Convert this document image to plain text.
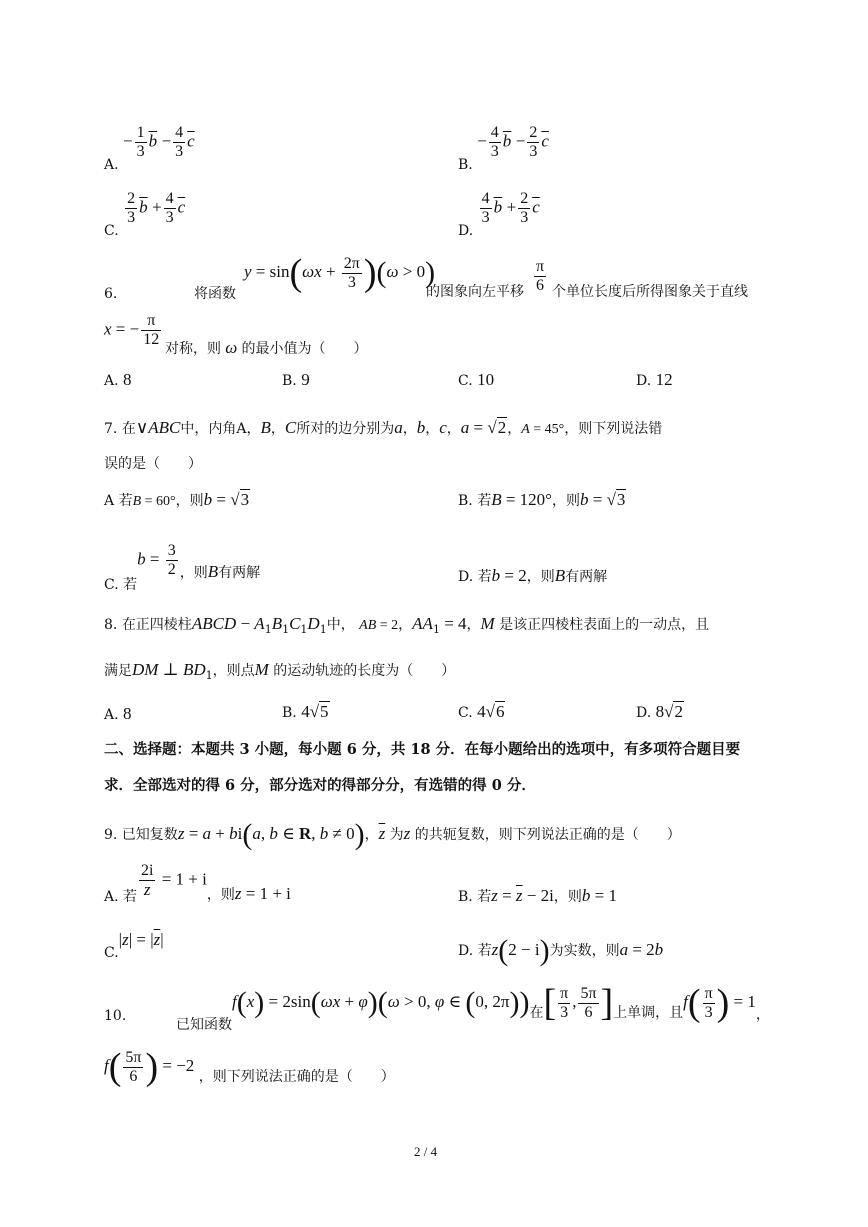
A. − $\frac{1}{3} \overline{b} - \frac{4}{3} \overline{c}$
B. − $\frac{4}{3} \overline{b} - \frac{2}{3} \overline{c}$
C.
$\frac{2}{3} \overline{b} + \frac{4}{3} \overline{c}$
D.
$\frac{4}{3} \overline{b} + \frac{2}{3} \overline{c}$
6.	将函数
$y = \sin(\omega x + \frac{2\pi}{3} )(\omega > 0)$
的图象向左平移 $\frac{\pi}{6}$ 个单位长度后所得图象关于直线
x = − $\frac{\pi}{12}$ 对称，则 ω 的最小值为（　　）
A. 8	B. 9	C. 10	D. 12
7. 在∨ABC中，内角A，B，C所对的边分别为a，b，c，a = √2，A = 45°，则下列说法错
误的是（　　）
A 若B = 60°，则b = √3	B. 若B = 120°，则b = √3
C. 若$b = \frac{3}{2}$ ，则B有两解	D. 若b = 2，则B有两解
8. 在正四棱柱ABCD − $A_1B_1C_1D_1$中， AB = 2，$AA_1 = 4$，M 是该正四棱柱表面上的一动点，且
满足DM ⊥ $BD_1$，则点M 的运动轨迹的长度为（　　）
A. 8	B. 4√5	C. 4√6	D. 8√2
二、选择题：本题共 3 小题，每小题 6 分，共 18 分．在每小题给出的选项中，有多项符合题目要
求．全部选对的得 6 分，部分选对的得部分分，有选错的得 0 分．
9. 已知复数z = a + bi(a, b ∈ R, b ≠ 0)，$\overline{z}$ 为z 的共轭复数，则下列说法正确的是（　　）
A. 若 $\frac{2i}{z} = 1 + i$，则z = 1 + i	B. 若$z = \overline{z} - 2i$，则b = 1
$C.|z| = |\overline{z}|$
D. 若z(2 − i)为实数，则a = 2b
10.
已知函数f(x) = 2sin(ωx + φ)(ω > 0, φ ∈ (0, 2π))在[ $\frac{\pi}{3}$ , $\frac{5\pi}{6}$ ]上单调，且$f( \frac{\pi}{3}$ ) = 1，
$f( \frac{5\pi}{6}$ ) = −2 ，则下列说法正确的是（　　）
2 / 4
